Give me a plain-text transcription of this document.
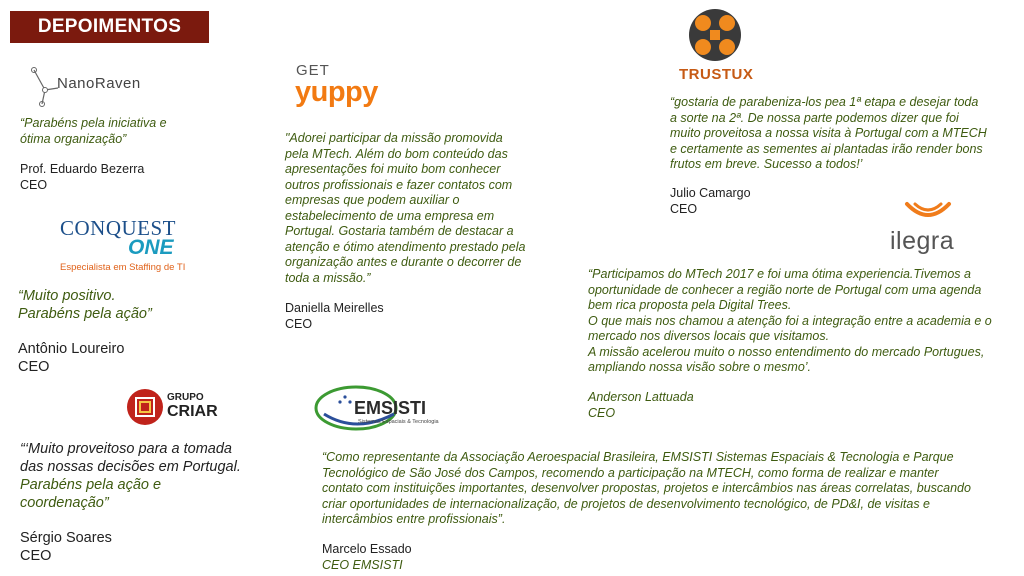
DEPOIMENTOS
NanoRaven
“Parabéns pela iniciativa e
ótima organização”
Prof. Eduardo Bezerra
CEO
GET
yuppy
"Adorei participar da missão promovida
pela MTech. Além do bom conteúdo das
apresentações foi muito bom conhecer
outros profissionais e fazer contatos com
empresas que podem auxiliar o
estabelecimento de uma empresa em
Portugal. Gostaria também de destacar a
atenção e ótimo atendimento prestado pela
organização antes e durante o decorrer de
toda a missão.”
Daniella Meirelles
CEO
TRUSTUX
“gostaria de parabeniza-los pea 1ª etapa e desejar toda
a sorte na 2ª. De nossa parte podemos dizer que foi
muito proveitosa a nossa visita à Portugal com a MTECH
e certamente as sementes ai plantadas irão render bons
frutos em breve. Sucesso a todos!’
Julio Camargo
CEO
CONQUEST
ONE
Especialista em Staffing de TI
“Muito positivo.
Parabéns pela ação”
Antônio Loureiro
CEO
ilegra
“Participamos do MTech 2017 e foi uma ótima experiencia.Tivemos a
oportunidade de conhecer a região norte de Portugal com uma agenda
bem rica proposta pela Digital Trees.
O que mais nos chamou a atenção foi a integração entre a academia e o
mercado nos diversos locais que visitamos.
A missão acelerou muito o nosso entendimento do mercado Portugues,
ampliando nossa visão sobre o mesmo’.
Anderson Lattuada
CEO
GRUPO
CRIAR
“‘Muito proveitoso para a tomada
das nossas decisões em Portugal.
Parabéns pela ação e
coordenação”
Sérgio Soares
CEO
EMSISTI
Sistemas Espaciais & Tecnologia
“Como representante da Associação Aeroespacial Brasileira, EMSISTI Sistemas Espaciais & Tecnologia e Parque
Tecnológico de São José dos Campos, recomendo a participação na MTECH, como forma de realizar e manter
contato com instituições importantes, desenvolver propostas, projetos e intercâmbios nas áreas correlatas, buscando
criar oportunidades de internacionalização, de projetos de desenvolvimento tecnológico, de PD&I, de visitas e
intercâmbios entre profissionais”.
Marcelo Essado
CEO EMSISTI
